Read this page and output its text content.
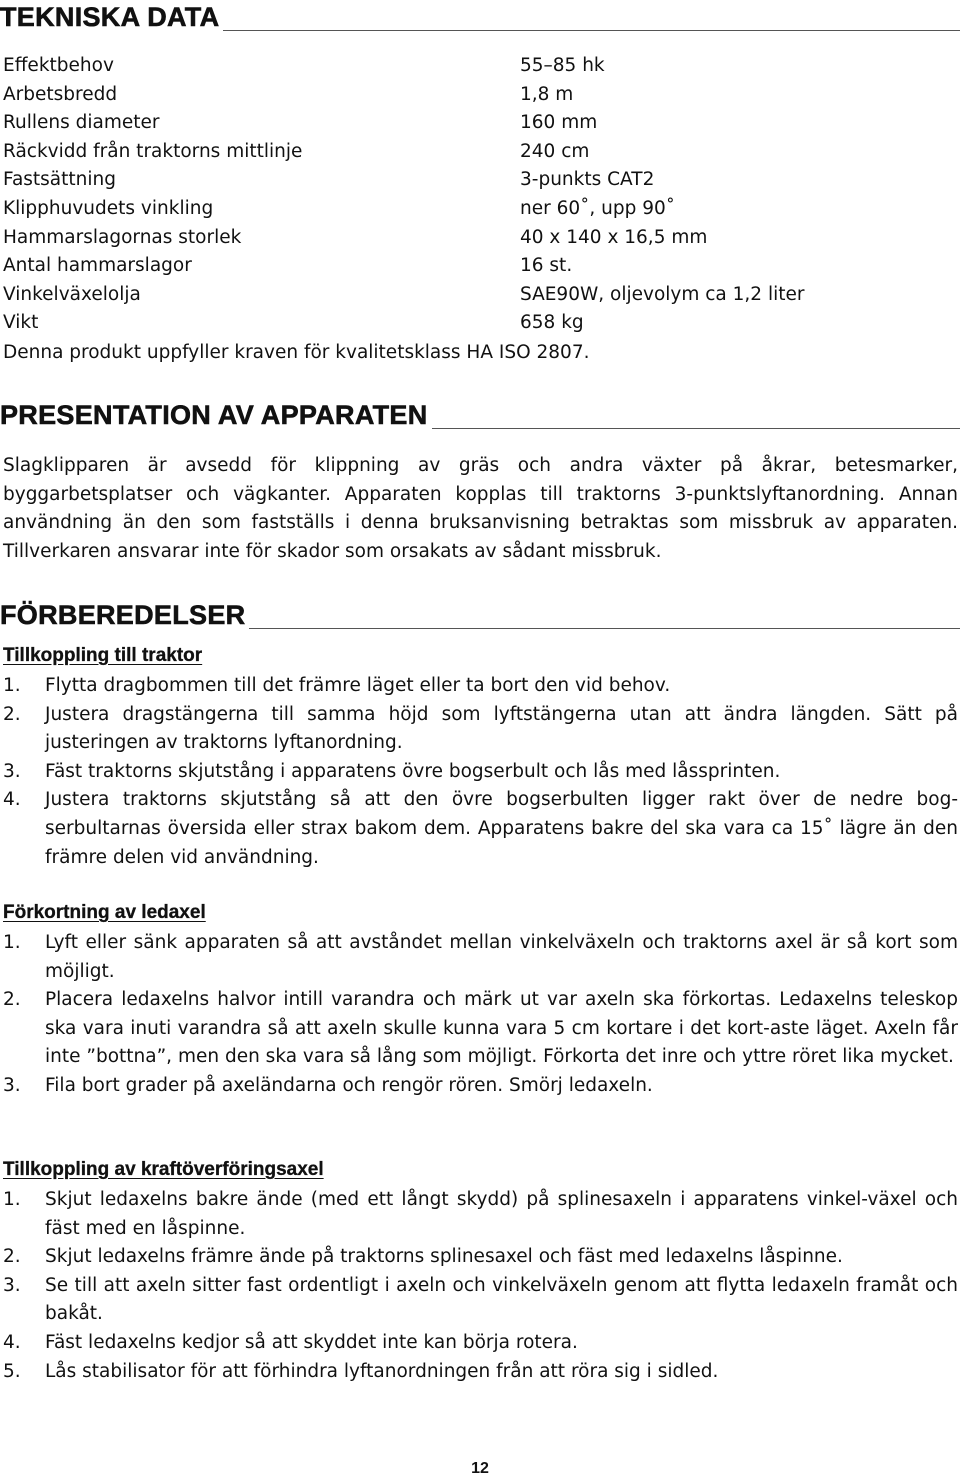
TEKNISKA DATA
Effektbehov	55–85 hk
Arbetsbredd	1,8 m
Rullens diameter	160 mm
Räckvidd från traktorns mittlinje	240 cm
Fastsättning	3-punkts CAT2
Klipphuvudets vinkling	ner 60˚, upp 90˚
Hammarslagornas storlek	40 x 140 x 16,5 mm
Antal hammarslagor	16 st.
Vinkelväxelolja	SAE90W, oljevolym ca 1,2 liter
Vikt	658 kg
Denna produkt uppfyller kraven för kvalitetsklass HA ISO 2807.
PRESENTATION AV APPARATEN

Slagklipparen är avsedd för klippning av gräs och andra växter på åkrar, betesmarker, byggarbetsplatser och vägkanter. Apparaten kopplas till traktorns 3-punktslyftanordning. Annan användning än den som fastställs i denna bruksanvisning betraktas som missbruk av apparaten. Tillverkaren ansvarar inte för skador som orsakats av sådant missbruk.

FÖRBEREDELSER
Tillkoppling till traktor
1.	Flytta dragbommen till det främre läget eller ta bort den vid behov.
2.	Justera dragstängerna till samma höjd som lyftstängerna utan att ändra längden. Sätt på justeringen av traktorns lyftanordning.
3.	Fäst traktorns skjutstång i apparatens övre bogserbult och lås med låssprinten.
4.	Justera traktorns skjutstång så att den övre bogserbulten ligger rakt över de nedre bog-serbultarnas översida eller strax bakom dem. Apparatens bakre del ska vara ca 15˚ lägre än den främre delen vid användning.
Förkortning av ledaxel
1.	Lyft eller sänk apparaten så att avståndet mellan vinkelväxeln och traktorns axel är så kort som möjligt.
2.	Placera ledaxelns halvor intill varandra och märk ut var axeln ska förkortas. Ledaxelns teleskop ska vara inuti varandra så att axeln skulle kunna vara 5 cm kortare i det kort-aste läget. Axeln får inte ”bottna”, men den ska vara så lång som möjligt. Förkorta det inre och yttre röret lika mycket.
3.	Fila bort grader på axeländarna och rengör rören. Smörj ledaxeln.
Tillkoppling av kraftöverföringsaxel
1.	Skjut ledaxelns bakre ände (med ett långt skydd) på splinesaxeln i apparatens vinkel-växel och fäst med en låspinne.
2.	Skjut ledaxelns främre ände på traktorns splinesaxel och fäst med ledaxelns låspinne.
3.	Se till att axeln sitter fast ordentligt i axeln och vinkelväxeln genom att flytta ledaxeln framåt och bakåt.
4.	Fäst ledaxelns kedjor så att skyddet inte kan börja rotera.
5.	Lås stabilisator för att förhindra lyftanordningen från att röra sig i sidled.
12
